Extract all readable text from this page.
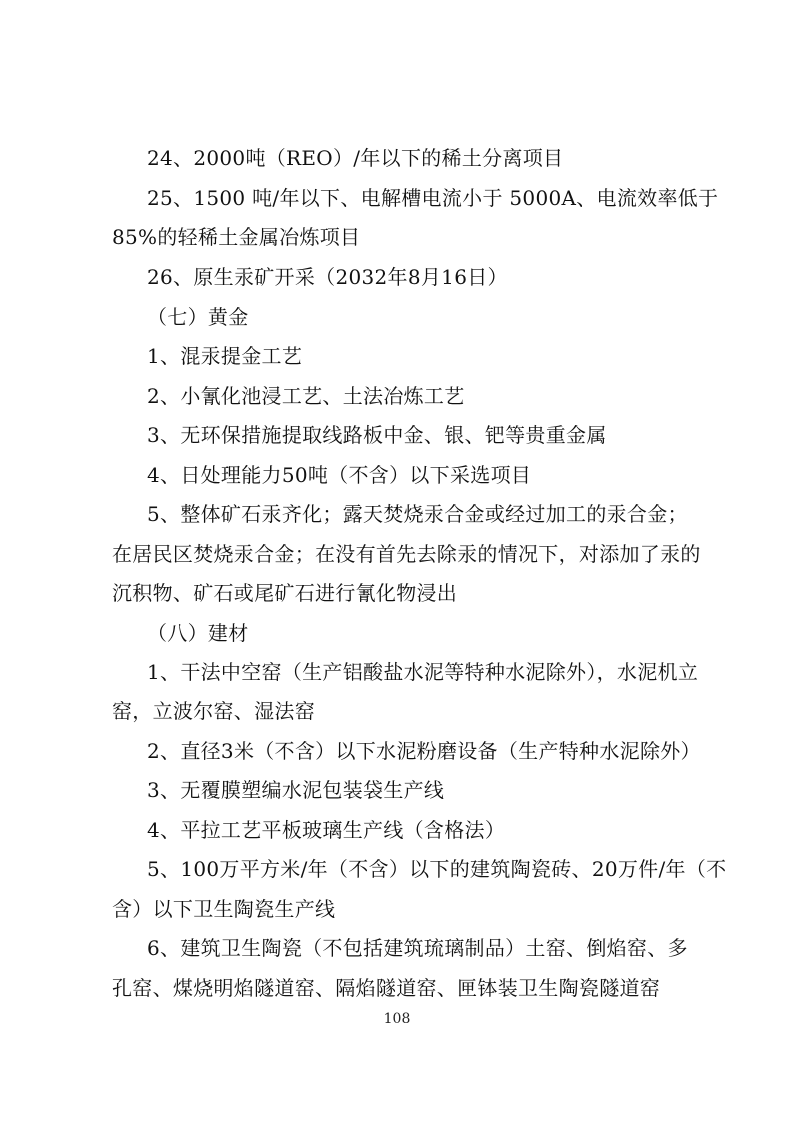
24、2000吨（REO）/年以下的稀土分离项目
25、1500 吨/年以下、电解槽电流小于 5000A、电流效率低于
85%的轻稀土金属冶炼项目
26、原生汞矿开采（2032年8月16日）
（七）黄金
1、混汞提金工艺
2、小氰化池浸工艺、土法冶炼工艺
3、无环保措施提取线路板中金、银、钯等贵重金属
4、日处理能力50吨（不含）以下采选项目
5、整体矿石汞齐化；露天焚烧汞合金或经过加工的汞合金；
在居民区焚烧汞合金；在没有首先去除汞的情况下，对添加了汞的
沉积物、矿石或尾矿石进行氰化物浸出
（八）建材
1、干法中空窑（生产铝酸盐水泥等特种水泥除外），水泥机立
窑，立波尔窑、湿法窑
2、直径3米（不含）以下水泥粉磨设备（生产特种水泥除外）
3、无覆膜塑编水泥包装袋生产线
4、平拉工艺平板玻璃生产线（含格法）
5、100万平方米/年（不含）以下的建筑陶瓷砖、20万件/年（不
含）以下卫生陶瓷生产线
6、建筑卫生陶瓷（不包括建筑琉璃制品）土窑、倒焰窑、多
孔窑、煤烧明焰隧道窑、隔焰隧道窑、匣钵装卫生陶瓷隧道窑
108
